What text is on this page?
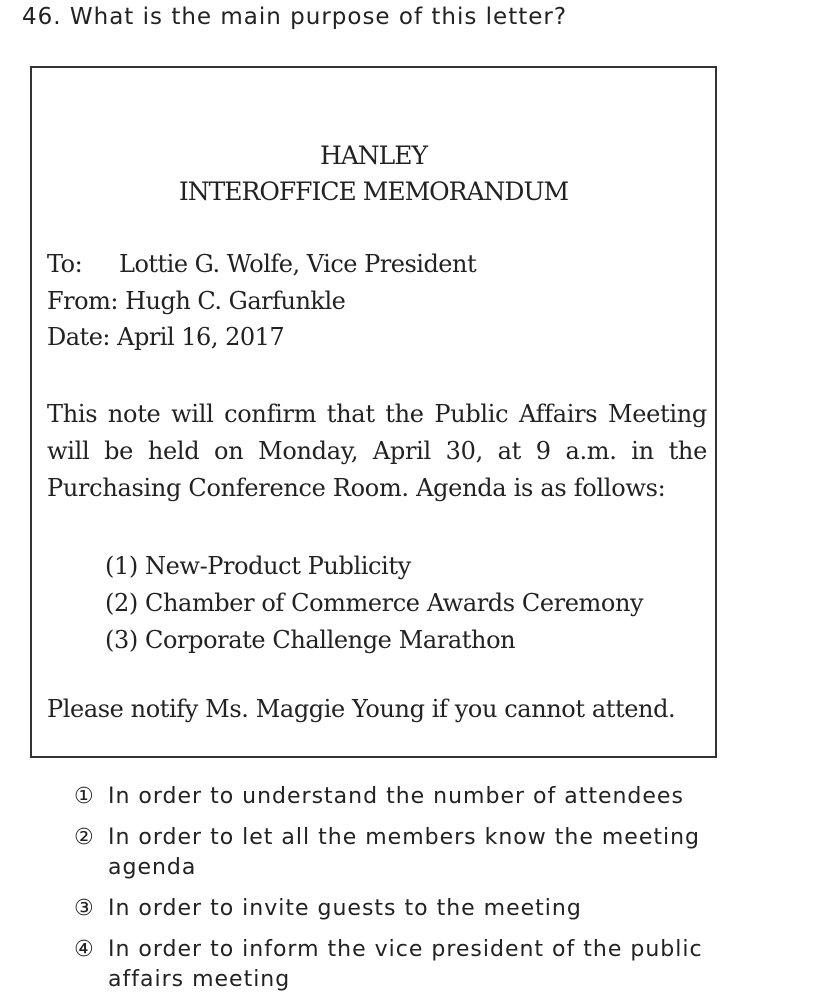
46. What is the main purpose of this letter?
HANLEY
INTEROFFICE MEMORANDUM
To: Lottie G. Wolfe, Vice President
From: Hugh C. Garfunkle
Date: April 16, 2017
This note will confirm that the Public Affairs Meeting will be held on Monday, April 30, at 9 a.m. in the Purchasing Conference Room. Agenda is as follows:
(1) New-Product Publicity
(2) Chamber of Commerce Awards Ceremony
(3) Corporate Challenge Marathon
Please notify Ms. Maggie Young if you cannot attend.
① In order to understand the number of attendees
② In order to let all the members know the meeting agenda
③ In order to invite guests to the meeting
④ In order to inform the vice president of the public affairs meeting
